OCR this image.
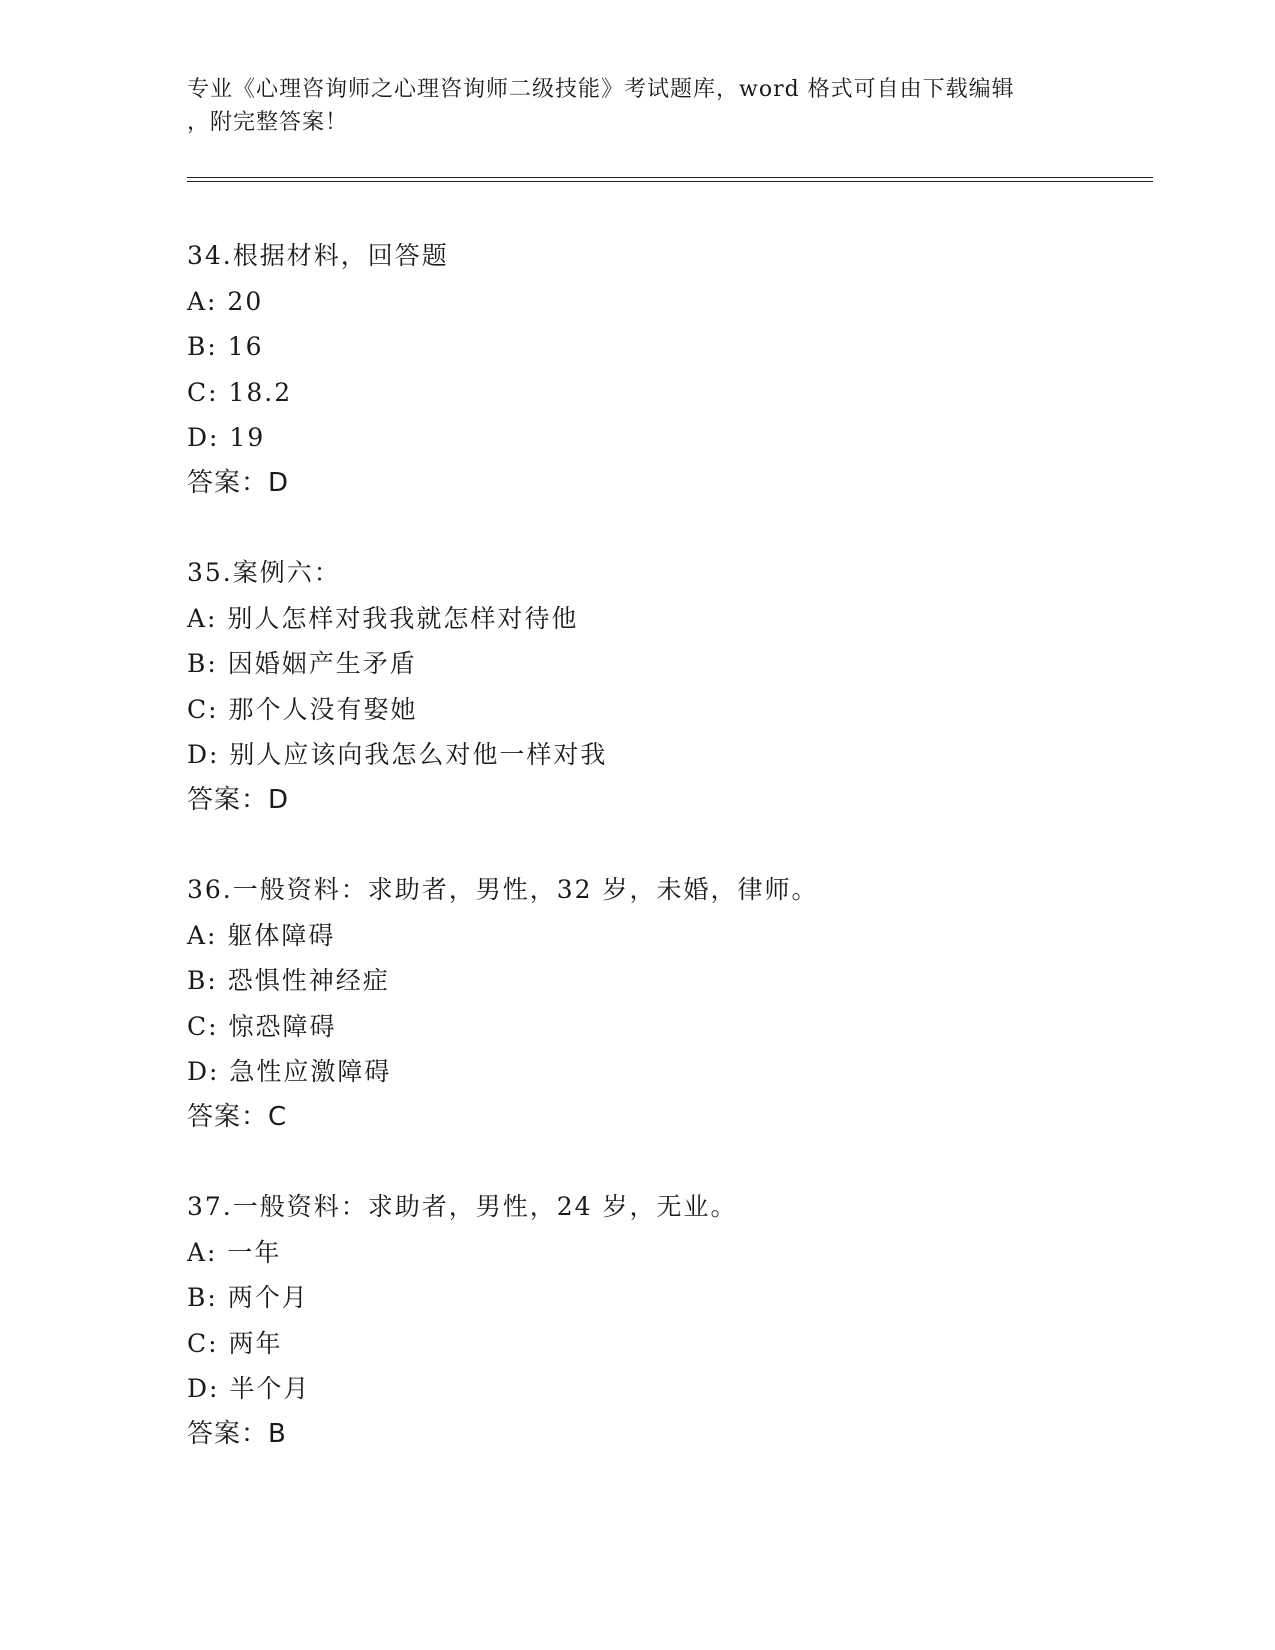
专业《心理咨询师之心理咨询师二级技能》考试题库，word 格式可自由下载编辑

，附完整答案！

34.根据材料，回答题
A: 20
B: 16
C: 18.2
D: 19
答案：D
35.案例六：
A: 别人怎样对我我就怎样对待他
B: 因婚姻产生矛盾
C: 那个人没有娶她
D: 别人应该向我怎么对他一样对我
答案：D
36.一般资料：求助者，男性，32 岁，未婚，律师。
A: 躯体障碍
B: 恐惧性神经症
C: 惊恐障碍
D: 急性应激障碍
答案：C
37.一般资料：求助者，男性，24 岁，无业。
A: 一年
B: 两个月
C: 两年
D: 半个月
答案：B
